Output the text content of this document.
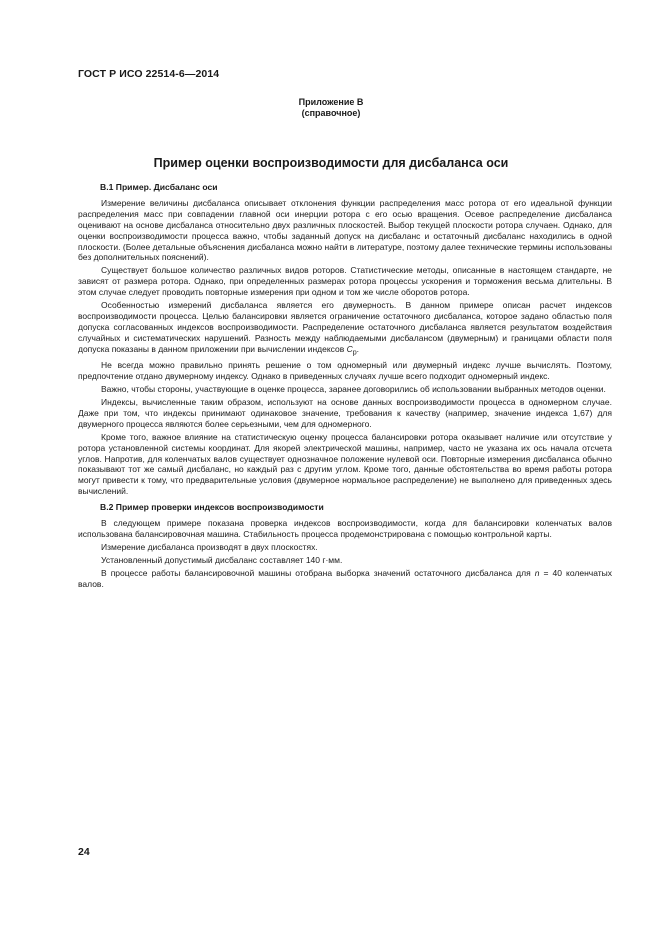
ГОСТ Р ИСО 22514-6—2014
Приложение В
(справочное)
Пример оценки воспроизводимости для дисбаланса оси
В.1 Пример. Дисбаланс оси

Измерение величины дисбаланса описывает отклонения функции распределения масс ротора от его идеальной функции распределения масс при совпадении главной оси инерции ротора с его осью вращения. Осевое распределение дисбаланса оценивают на основе дисбаланса относительно двух различных плоскостей. Выбор текущей плоскости ротора случаен. Однако, для оценки воспроизводимости процесса важно, чтобы заданный допуск на дисбаланс и остаточный дисбаланс находились в одной плоскости. (Более детальные объяснения дисбаланса можно найти в литературе, поэтому далее технические термины использованы без дополнительных пояснений).

Существует большое количество различных видов роторов. Статистические методы, описанные в настоящем стандарте, не зависят от размера ротора. Однако, при определенных размерах ротора процессы ускорения и торможения весьма длительны. В этом случае следует проводить повторные измерения при одном и том же числе оборотов ротора.

Особенностью измерений дисбаланса является его двумерность. В данном примере описан расчет индексов воспроизводимости процесса. Целью балансировки является ограничение остаточного дисбаланса, которое задано областью поля допуска согласованных индексов воспроизводимости. Распределение остаточного дисбаланса является результатом воздействия случайных и систематических нарушений. Разность между наблюдаемыми дисбалансом (двумерным) и границами области поля допуска показаны в данном приложении при вычислении индексов $C_p$.

Не всегда можно правильно принять решение о том одномерный или двумерный индекс лучше вычислять. Поэтому, предпочтение отдано двумерному индексу. Однако в приведенных случаях лучше всего подходит одномерный индекс.

Важно, чтобы стороны, участвующие в оценке процесса, заранее договорились об использовании выбранных методов оценки.

Индексы, вычисленные таким образом, используют на основе данных воспроизводимости процесса в одномерном случае. Даже при том, что индексы принимают одинаковое значение, требования к качеству (например, значение индекса 1,67) для двумерного процесса являются более серьезными, чем для одномерного.

Кроме того, важное влияние на статистическую оценку процесса балансировки ротора оказывает наличие или отсутствие у ротора установленной системы координат. Для якорей электрической машины, например, часто не указана их ось начала отсчета углов. Напротив, для коленчатых валов существует однозначное положение нулевой оси. Повторные измерения дисбаланса обычно показывают тот же самый дисбаланс, но каждый раз с другим углом. Кроме того, данные обстоятельства во время работы ротора могут привести к тому, что предварительные условия (двумерное нормальное распределение) не выполнено для приведенных здесь вычислений.

В.2 Пример проверки индексов воспроизводимости

В следующем примере показана проверка индексов воспроизводимости, когда для балансировки коленчатых валов использована балансировочная машина. Стабильность процесса продемонстрирована с помощью контрольной карты.

Измерение дисбаланса производят в двух плоскостях.

Установленный допустимый дисбаланс составляет 140 г·мм.

В процессе работы балансировочной машины отобрана выборка значений остаточного дисбаланса для n = 40 коленчатых валов.

24
